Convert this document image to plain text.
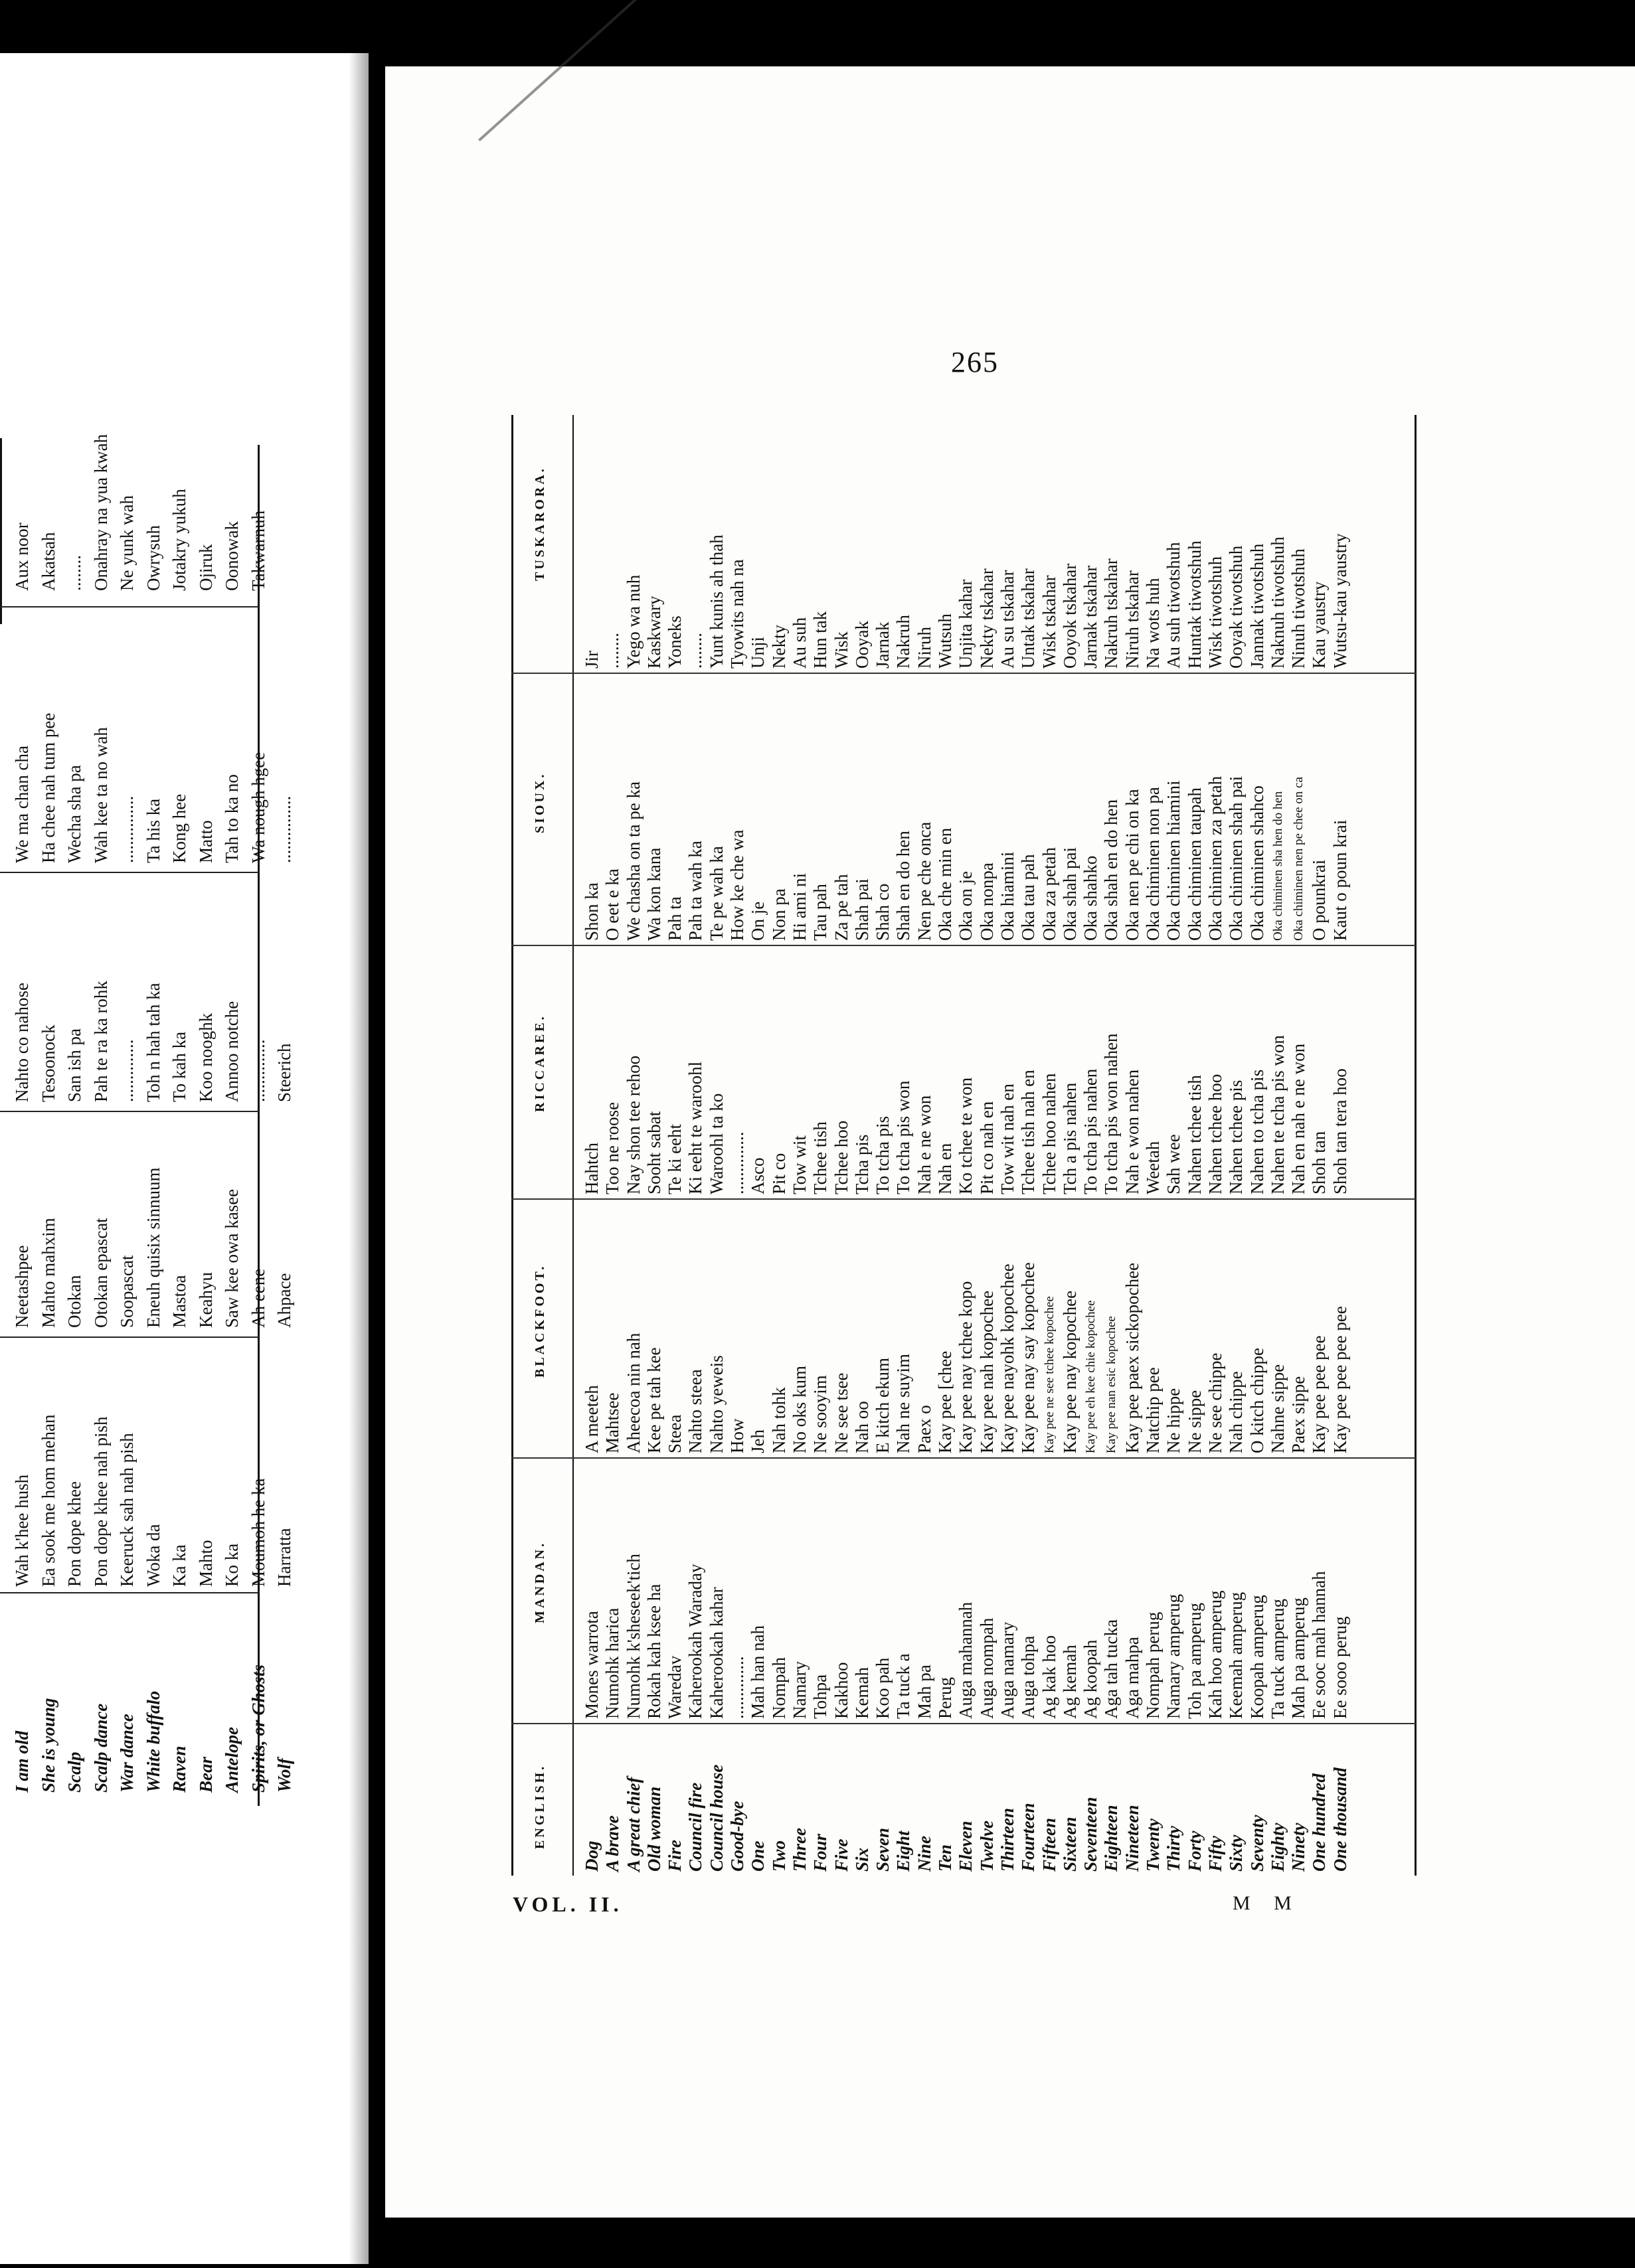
I am old She is young Scalp Scalp dance War dance White buffalo Raven Bear Antelope Spirits, or Ghosts Wolf
Wah k'hee hush Ea sook me hom mehan Pon dope khee Pon dope khee nah pish Keeruck sah nah pish Woka da Ka ka Mahto Ko ka Moumoh he ka Harratta
Neetashpee Mahto mahxim Otokan Otokan epascat Soopascat Eneuh quisix sinnuum Mastoa Keahyu Saw kee owa kasee Ah eene Ahpace
Nahto co nahose Tesoonock San ish pa Pah te ra ka rohk .............. Toh n hah tah ka To kah ka Koo nooghk Annoo notche .............. Steerich
We ma chan cha Ha chee nah tum pee Wecha sha pa Wah kee ta no wah ............... Ta his ka Kong hee Matto Tah to ka no Wa nough hgee ...............
Aux noor Akatsah ........ Onahray na yua kwah Ne yunk wah Owrysuh Jotakry yukuh Ojiruk Oonowak Takwarnuh
265
ENGLISH.
MANDAN.
BLACKFOOT.
RICCAREE.
SIOUX.
TUSKARORA.
Dog A brave A great chief Old woman Fire Council fire Council house Good-bye One Two Three Four Five Six Seven Eight Nine Ten Eleven Twelve Thirteen Fourteen Fifteen Sixteen Seventeen Eighteen Nineteen Twenty Thirty Forty Fifty Sixty Seventy Eighty Ninety One hundred One thousand
Mones warrota Numohk harica Numohk k'sheseek'tich Rokah kah ksee ha Waredav Kaherookah Waraday Kaherookah kahar .............. Mah han nah Nompah Namary Tohpa Kakhoo Kemah Koo pah Ta tuck a Mah pa Perug Auga mahannah Auga nompah Auga namary Auga tohpa Ag kak hoo Ag kemah Ag koopah Aga tah tucka Aga mahpa Nompah perug Namary amperug Toh pa amperug Kah hoo amperug Keemah amperug Koopah amperug Ta tuck amperug Mah pa amperug Ee sooc mah hannah Ee sooo perug
A meeteh Mahtsee Aheecoa nin nah Kee pe tah kee Steea Nahto steea Nahto yeweis How Jeh Nah tohk No oks kum Ne sooyim Ne see tsee Nah oo E kitch ekum Nah ne suyim Paex o Kay pee [chee Kay pee nay tchee kopo Kay pee nah kopochee Kay pee nayohk kopochee Kay pee nay say kopochee Kay pee ne see tchee kopochee Kay pee nay kopochee Kay pee eh kee chie kopochee Kay pee nan esic kopochee Kay pee paex sickopochee Natchip pee Ne hippe Ne sippe Ne see chippe Nah chippe O kitch chippe Nahne sippe Paex sippe Kay pee pee pee Kay pee pee pee pee
Hahtch Too ne roose Nay shon tee rehoo Sooht sabat Te ki eeht Ki eeht te waroohl Waroohl ta ko .............. Asco Pit co Tow wit Tchee tish Tchee hoo Tcha pis To tcha pis To tcha pis won Nah e ne won Nah en Ko tchee te won Pit co nah en Tow wit nah en Tchee tish nah en Tchee hoo nahen Tch a pis nahen To tcha pis nahen To tcha pis won nahen Nah e won nahen Weetah Sah wee Nahen tchee tish Nahen tchee hoo Nahen tchee pis Nahen to tcha pis Nahen te tcha pis won Nah en nah e ne won Shoh tan Shoh tan tera hoo
Shon ka O eet e ka We chasha on ta pe ka Wa kon kana Pah ta Pah ta wah ka Te pe wah ka How ke che wa On je Non pa Hi ami ni Tau pah Za pe tah Shah pai Shah co Shah en do hen Nen pe che onca Oka che min en Oka on je Oka nonpa Oka hiamini Oka tau pah Oka za petah Oka shah pai Oka shahko Oka shah en do hen Oka nen pe chi on ka Oka chiminen non pa Oka chiminen hiamini Oka chiminen taupah Oka chiminen za petah Oka chiminen shah pai Oka chiminen shahco Oka chiminen sha hen do hen Oka chiminen nen pe chee on ca O pounkrai Kaut o poun krai
Jir ........ Yego wa nuh Kaskwary Yoneks ........ Yunt kunis ah thah Tyowits nah na Unji Nekty Au suh Hun tak Wisk Ooyak Jarnak Nakruh Niruh Wutsuh Unjita kahar Nekty tskahar Au su tskahar Untak tskahar Wisk tskahar Ooyok tskahar Jarnak tskahar Nakruh tskahar Niruh tskahar Na wots huh Au suh tiwotshuh Huntak tiwotshuh Wisk tiwotshuh Ooyak tiwotshuh Jannak tiwotshuh Naknuh tiwotshuh Ninuh tiwotshuh Kau yaustry Wutsu-kau yaustry
VOL. II.	M M
